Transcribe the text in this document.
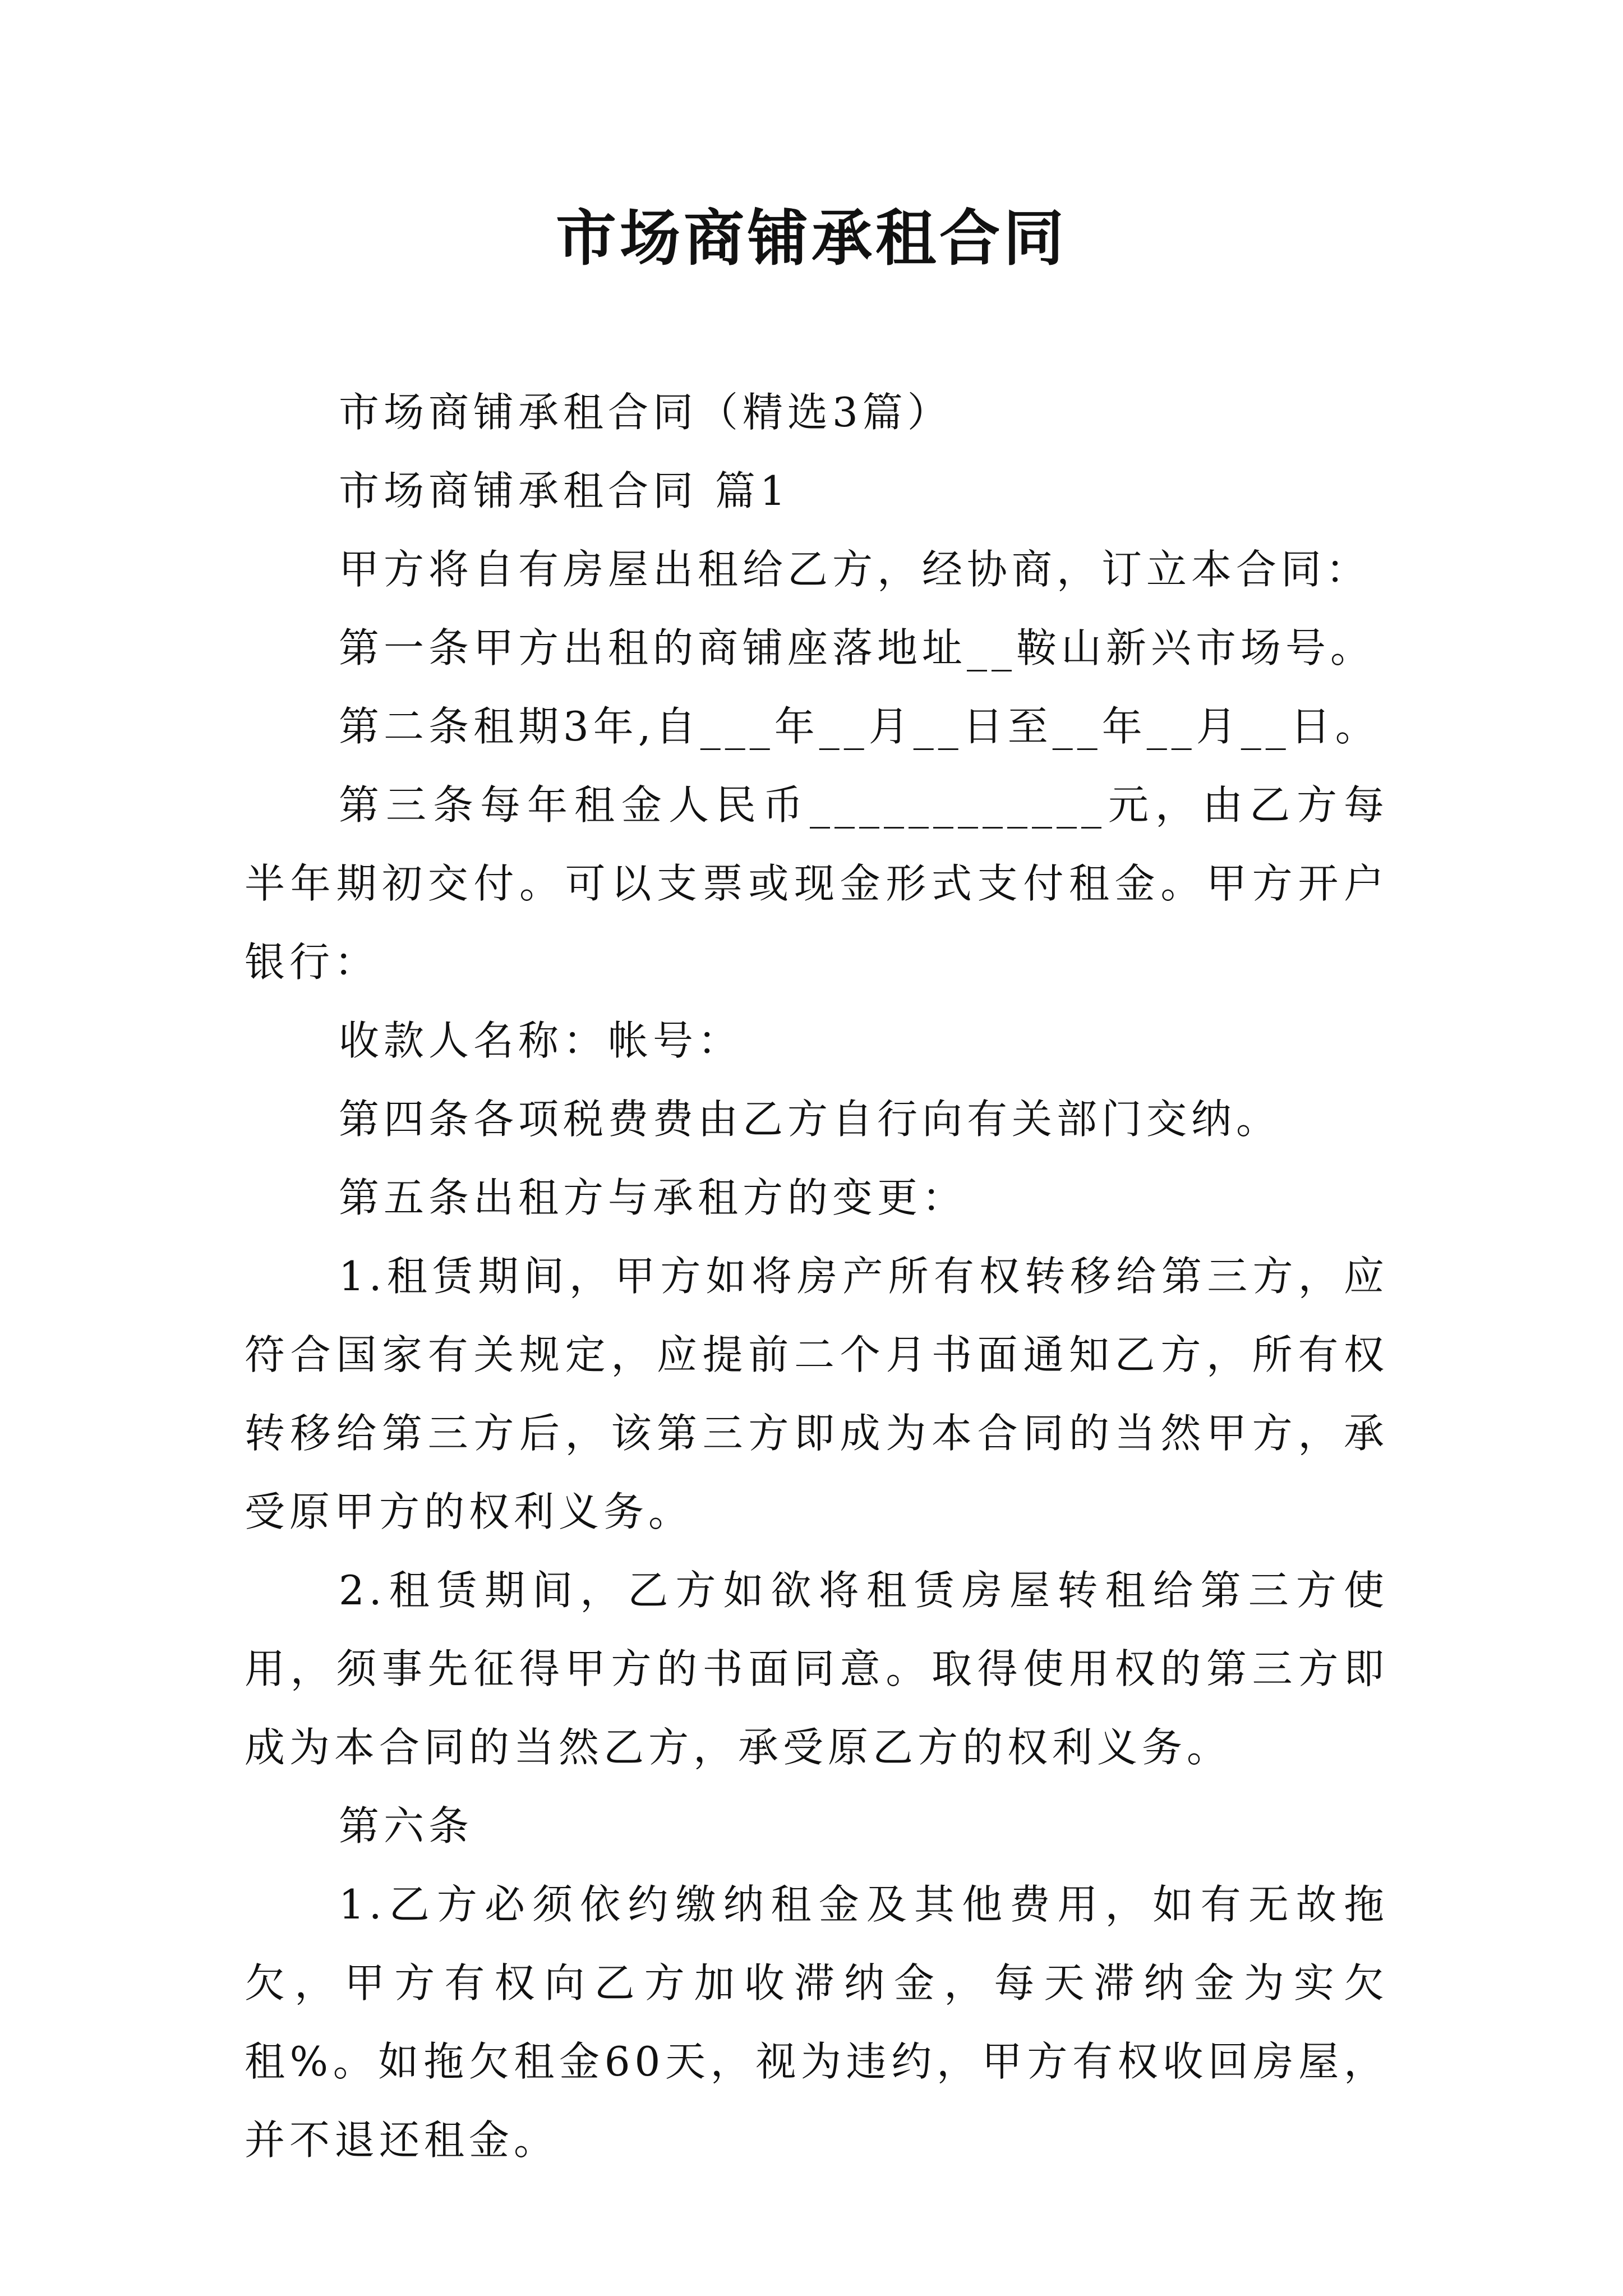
市场商铺承租合同

市场商铺承租合同（精选3篇）

市场商铺承租合同 篇1

甲方将自有房屋出租给乙方，经协商，订立本合同：

第一条甲方出租的商铺座落地址__鞍山新兴市场号。

第二条租期3年,自___年__月__日至__年__月__日。

第三条每年租金人民币____________元，由乙方每半年期初交付。可以支票或现金形式支付租金。甲方开户银行：

收款人名称：帐号：

第四条各项税费费由乙方自行向有关部门交纳。

第五条出租方与承租方的变更：

1.租赁期间，甲方如将房产所有权转移给第三方，应符合国家有关规定，应提前二个月书面通知乙方，所有权转移给第三方后，该第三方即成为本合同的当然甲方，承受原甲方的权利义务。

2.租赁期间，乙方如欲将租赁房屋转租给第三方使用，须事先征得甲方的书面同意。取得使用权的第三方即成为本合同的当然乙方，承受原乙方的权利义务。

第六条

1.乙方必须依约缴纳租金及其他费用，如有无故拖欠，甲方有权向乙方加收滞纳金，每天滞纳金为实欠租%。如拖欠租金60天，视为违约，甲方有权收回房屋，并不退还租金。
